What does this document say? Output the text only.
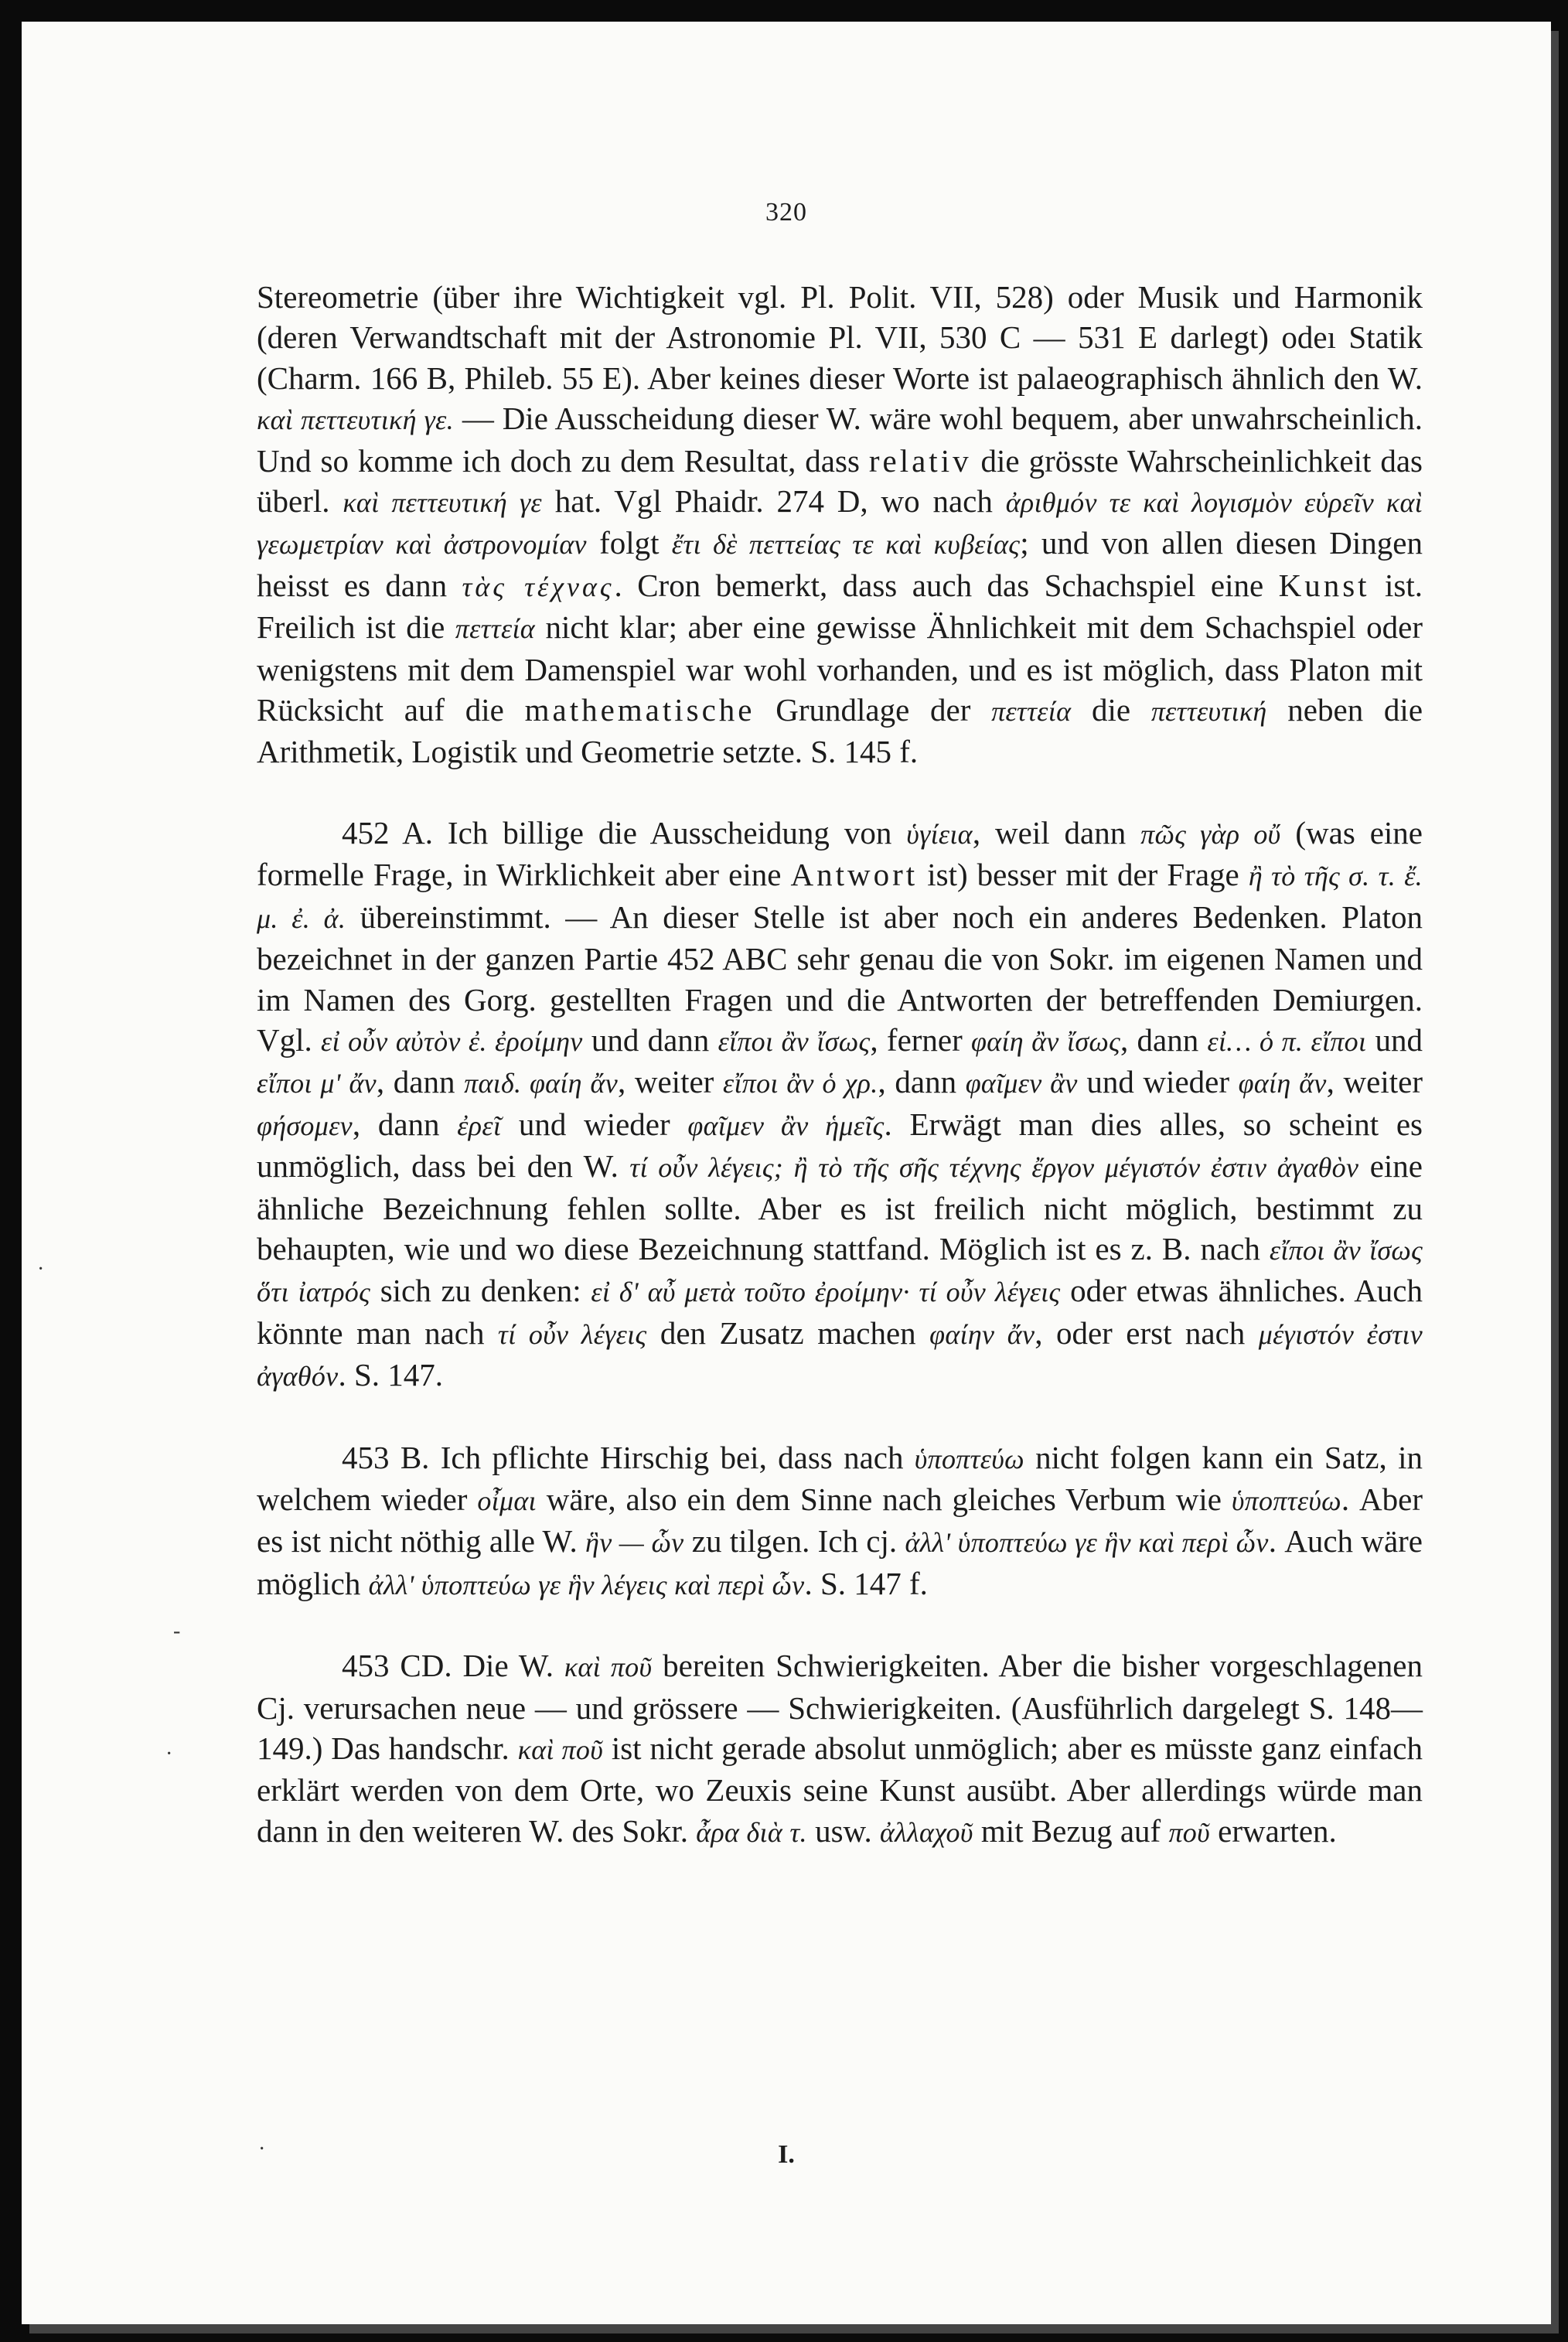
320

Stereometrie (über ihre Wichtigkeit vgl. Pl. Polit. VII, 528) oder Musik und Harmonik (deren Verwandtschaft mit der Astronomie Pl. VII, 530 C — 531 E darlegt) odeı Statik (Charm. 166 B, Phileb. 55 E). Aber keines dieser Worte ist palaeographisch ähnlich den W. καὶ πεττευτική γε. — Die Ausscheidung dieser W. wäre wohl bequem, aber unwahrscheinlich. Und so komme ich doch zu dem Resultat, dass relativ die grösste Wahrscheinlichkeit das überl. καὶ πεττευτική γε hat. Vgl Phaidr. 274 D, wo nach ἀριθμόν τε καὶ λογισμὸν εὑρεῖν καὶ γεωμετρίαν καὶ ἀστρονομίαν folgt ἔτι δὲ πεττείας τε καὶ κυβείας; und von allen diesen Dingen heisst es dann τὰς τέχνας. Cron bemerkt, dass auch das Schachspiel eine Kunst ist. Freilich ist die πεττεία nicht klar; aber eine gewisse Ähnlichkeit mit dem Schachspiel oder wenigstens mit dem Damenspiel war wohl vorhanden, und es ist möglich, dass Platon mit Rücksicht auf die mathematische Grundlage der πεττεία die πεττευτική neben die Arithmetik, Logistik und Geometrie setzte. S. 145 f.

452 A. Ich billige die Ausscheidung von ὑγίεια, weil dann πῶς γὰρ οὔ (was eine formelle Frage, in Wirklichkeit aber eine Antwort ist) besser mit der Frage ἢ τὸ τῆς σ. τ. ἔ. μ. ἐ. ἀ. übereinstimmt. — An dieser Stelle ist aber noch ein anderes Bedenken. Platon bezeichnet in der ganzen Partie 452 ABC sehr genau die von Sokr. im eigenen Namen und im Namen des Gorg. gestellten Fragen und die Antworten der betreffenden Demiurgen. Vgl. εἰ οὖν αὐτὸν ἐ. ἐροίμην und dann εἴποι ἂν ἴσως, ferner φαίη ἂν ἴσως, dann εἰ… ὁ π. εἴποι und εἴποι μ' ἄν, dann παιδ. φαίη ἄν, weiter εἴποι ἂν ὁ χρ., dann φαῖμεν ἂν und wieder φαίη ἄν, weiter φήσομεν, dann ἐρεῖ und wieder φαῖμεν ἂν ἡμεῖς. Erwägt man dies alles, so scheint es unmöglich, dass bei den W. τί οὖν λέγεις; ἢ τὸ τῆς σῆς τέχνης ἔργον μέγιστόν ἐστιν ἀγαθὸν eine ähnliche Bezeichnung fehlen sollte. Aber es ist freilich nicht möglich, bestimmt zu behaupten, wie und wo diese Bezeichnung stattfand. Möglich ist es z. B. nach εἴποι ἂν ἴσως ὅτι ἰατρός sich zu denken: εἰ δ' αὖ μετὰ τοῦτο ἐροίμην· τί οὖν λέγεις oder etwas ähnliches. Auch könnte man nach τί οὖν λέγεις den Zusatz machen φαίην ἄν, oder erst nach μέγιστόν ἐστιν ἀγαθόν. S. 147.

453 B. Ich pflichte Hirschig bei, dass nach ὑποπτεύω nicht folgen kann ein Satz, in welchem wieder οἶμαι wäre, also ein dem Sinne nach gleiches Verbum wie ὑποπτεύω. Aber es ist nicht nöthig alle W. ἣν — ὧν zu tilgen. Ich cj. ἀλλ' ὑποπτεύω γε ἣν καὶ περὶ ὧν. Auch wäre möglich ἀλλ' ὑποπτεύω γε ἣν λέγεις καὶ περὶ ὧν. S. 147 f.

453 CD. Die W. καὶ ποῦ bereiten Schwierigkeiten. Aber die bisher vorgeschlagenen Cj. verursachen neue — und grössere — Schwierigkeiten. (Ausführlich dargelegt S. 148—149.) Das handschr. καὶ ποῦ ist nicht gerade absolut unmöglich; aber es müsste ganz einfach erklärt werden von dem Orte, wo Zeuxis seine Kunst ausübt. Aber allerdings würde man dann in den weiteren W. des Sokr. ἆρα διὰ τ. usw. ἀλλαχοῦ mit Bezug auf ποῦ erwarten.

I.
‐
·
·
·
